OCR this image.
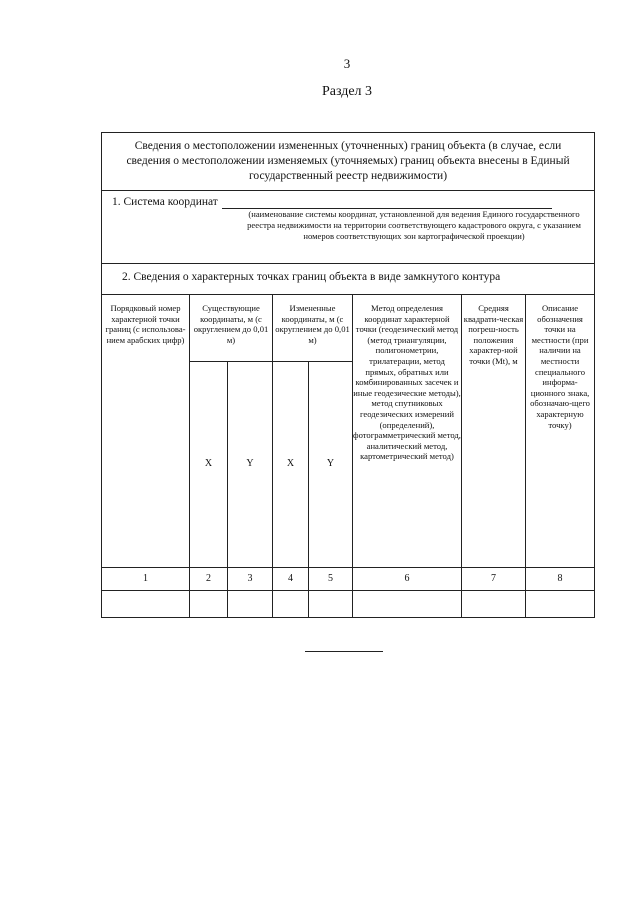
3
Раздел 3
Сведения о местоположении измененных (уточненных) границ объекта (в случае, если сведения о местоположении изменяемых (уточняемых) границ объекта внесены в Единый государственный реестр недвижимости)							

1. Система координат
(наименование системы координат, установленной для ведения Единого государственного реестра недвижимости на территории соответствующего кадастрового округа, с указанием номеров соответствующих зон картографической проекции)							

2. Сведения о характерных точках границ объекта в виде замкнутого контура							
Порядковый номер характерной точки границ (с использова-нием арабских цифр)	Существующие координаты, м (с округлением до 0,01 м)		Измененные координаты, м (с округлением до 0,01 м)		Метод определения координат характерной точки (геодезический метод (метод триангуляции, полигонометрии, трилатерации, метод прямых, обратных или комбинированных засечек и иные геодезические методы), метод спутниковых геодезических измерений (определений), фотограмметрический метод, аналитический метод, картометрический метод)	Средняя квадрати-ческая погреш-ность положения характер-ной точки (Mt), м	Описание обозначения точки на местности (при наличии на местности специального информа-ционного знака, обозначаю-щего характерную точку)
	X	Y	X	Y			
1	2	3	4	5	6	7	8
